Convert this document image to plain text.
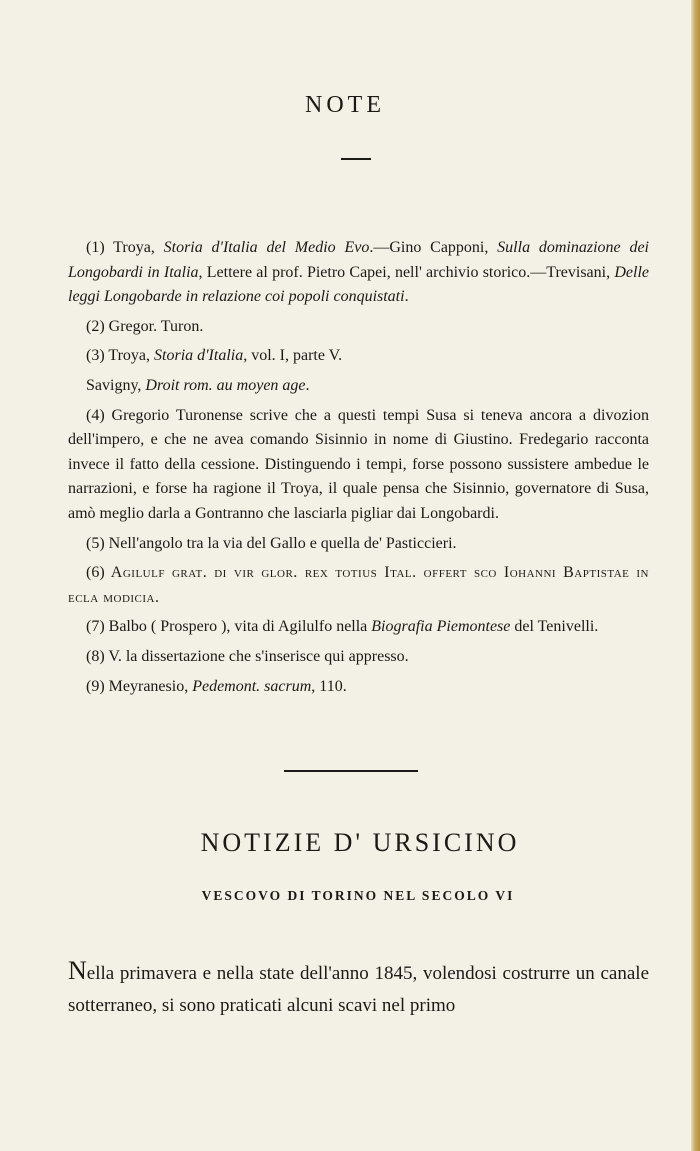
NOTE

(1) Troya, Storia d'Italia del Medio Evo.—Gino Capponi, Sulla dominazione dei Longobardi in Italia, Lettere al prof. Pietro Capei, nell' archivio storico.—Trevisani, Delle leggi Longobarde in relazione coi popoli conquistati.

(2) Gregor. Turon.

(3) Troya, Storia d'Italia, vol. I, parte V.

Savigny, Droit rom. au moyen age.

(4) Gregorio Turonense scrive che a questi tempi Susa si teneva ancora a divozion dell'impero, e che ne avea comando Sisinnio in nome di Giustino. Fredegario racconta invece il fatto della cessione. Distinguendo i tempi, forse possono sussistere ambedue le narrazioni, e forse ha ragione il Troya, il quale pensa che Sisinnio, governatore di Susa, amò meglio darla a Gontranno che lasciarla pigliar dai Longobardi.

(5) Nell'angolo tra la via del Gallo e quella de' Pasticcieri.

(6) Agilulf grat. di vir glor. rex totius Ital. offert sco Iohanni Baptistae in ecla modicia.

(7) Balbo ( Prospero ), vita di Agilulfo nella Biografia Piemontese del Tenivelli.

(8) V. la dissertazione che s'inserisce qui appresso.

(9) Meyranesio, Pedemont. sacrum, 110.

NOTIZIE D' URSICINO
VESCOVO DI TORINO NEL SECOLO VI

Nella primavera e nella state dell'anno 1845, volendosi costrurre un canale sotterraneo, si sono praticati alcuni scavi nel primo
